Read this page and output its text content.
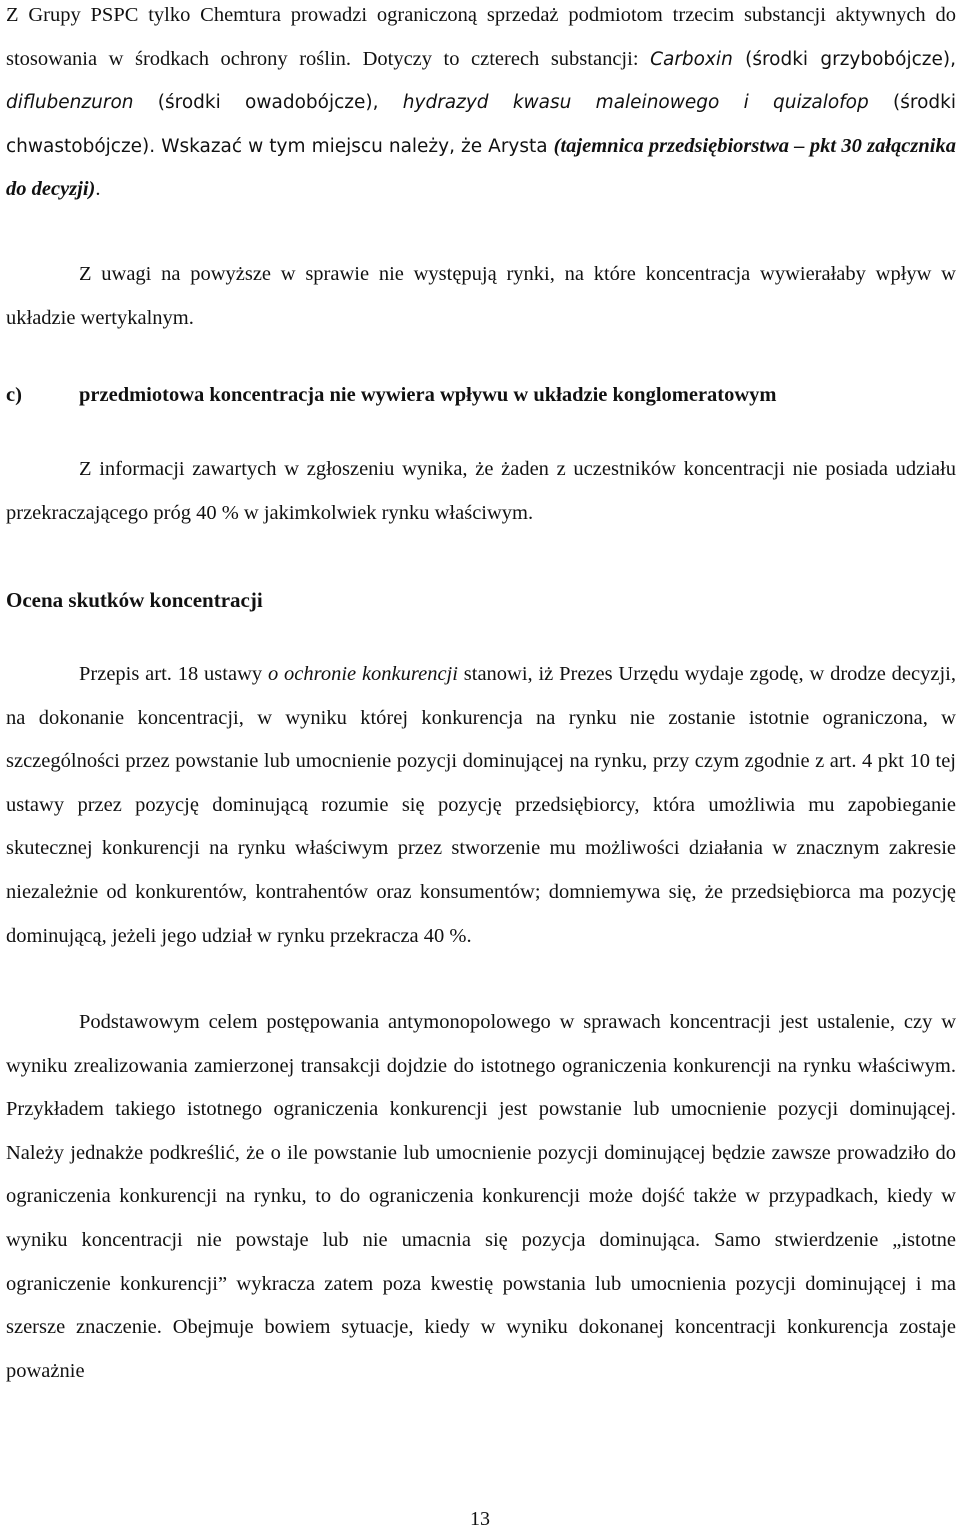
Z Grupy PSPC tylko Chemtura prowadzi ograniczoną sprzedaż podmiotom trzecim substancji aktywnych do stosowania w środkach ochrony roślin. Dotyczy to czterech substancji: Carboxin (środki grzybobójcze), diflubenzuron (środki owadobójcze), hydrazyd kwasu maleinowego i quizalofop (środki chwastobójcze). Wskazać w tym miejscu należy, że Arysta (tajemnica przedsiębiorstwa – pkt 30 załącznika do decyzji).

Z uwagi na powyższe w sprawie nie występują rynki, na które koncentracja wywierałaby wpływ w układzie wertykalnym.

c)	przedmiotowa koncentracja nie wywiera wpływu w układzie konglomeratowym

Z informacji zawartych w zgłoszeniu wynika, że żaden z uczestników koncentracji nie posiada udziału przekraczającego próg 40 % w jakimkolwiek rynku właściwym.

Ocena skutków koncentracji

Przepis art. 18 ustawy o ochronie konkurencji stanowi, iż Prezes Urzędu wydaje zgodę, w drodze decyzji, na dokonanie koncentracji, w wyniku której konkurencja na rynku nie zostanie istotnie ograniczona, w szczególności przez powstanie lub umocnienie pozycji dominującej na rynku, przy czym zgodnie z art. 4 pkt 10 tej ustawy przez pozycję dominującą rozumie się pozycję przedsiębiorcy, która umożliwia mu zapobieganie skutecznej konkurencji na rynku właściwym przez stworzenie mu możliwości działania w znacznym zakresie niezależnie od konkurentów, kontrahentów oraz konsumentów; domniemywa się, że przedsiębiorca ma pozycję dominującą, jeżeli jego udział w rynku przekracza 40 %.

Podstawowym celem postępowania antymonopolowego w sprawach koncentracji jest ustalenie, czy w wyniku zrealizowania zamierzonej transakcji dojdzie do istotnego ograniczenia konkurencji na rynku właściwym. Przykładem takiego istotnego ograniczenia konkurencji jest powstanie lub umocnienie pozycji dominującej. Należy jednakże podkreślić, że o ile powstanie lub umocnienie pozycji dominującej będzie zawsze prowadziło do ograniczenia konkurencji na rynku, to do ograniczenia konkurencji może dojść także w przypadkach, kiedy w wyniku koncentracji nie powstaje lub nie umacnia się pozycja dominująca. Samo stwierdzenie „istotne ograniczenie konkurencji” wykracza zatem poza kwestię powstania lub umocnienia pozycji dominującej i ma szersze znaczenie. Obejmuje bowiem sytuacje, kiedy w wyniku dokonanej koncentracji konkurencja zostaje poważnie

13
